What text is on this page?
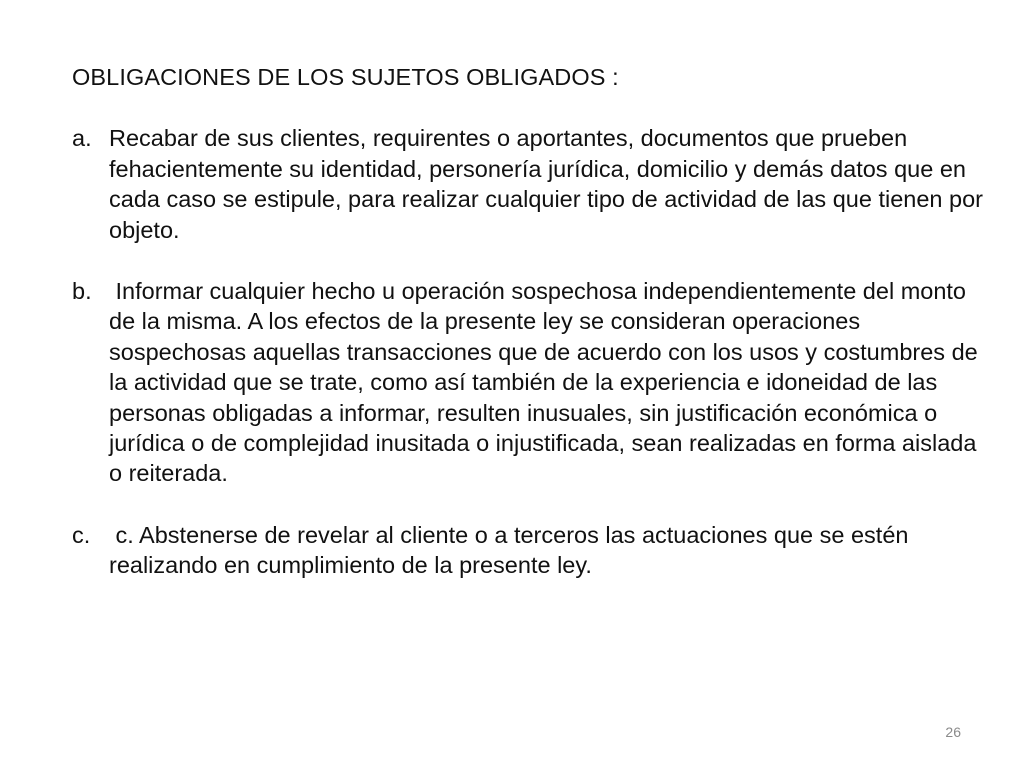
OBLIGACIONES DE LOS SUJETOS OBLIGADOS :
a. Recabar de sus clientes, requirentes o aportantes, documentos que prueben fehacientemente su identidad, personería jurídica, domicilio y demás datos que en cada caso se estipule, para realizar cualquier tipo de actividad de las que tienen por objeto.
b. Informar cualquier hecho u operación sospechosa independientemente del monto de la misma. A los efectos de la presente ley se consideran operaciones sospechosas aquellas transacciones que de acuerdo con los usos y costumbres de la actividad que se trate, como así también de la experiencia e idoneidad de las personas obligadas a informar, resulten inusuales, sin justificación económica o jurídica o de complejidad inusitada o injustificada, sean realizadas en forma aislada o reiterada.
c. c. Abstenerse de revelar al cliente o a terceros las actuaciones que se estén realizando en cumplimiento de la presente ley.
26
